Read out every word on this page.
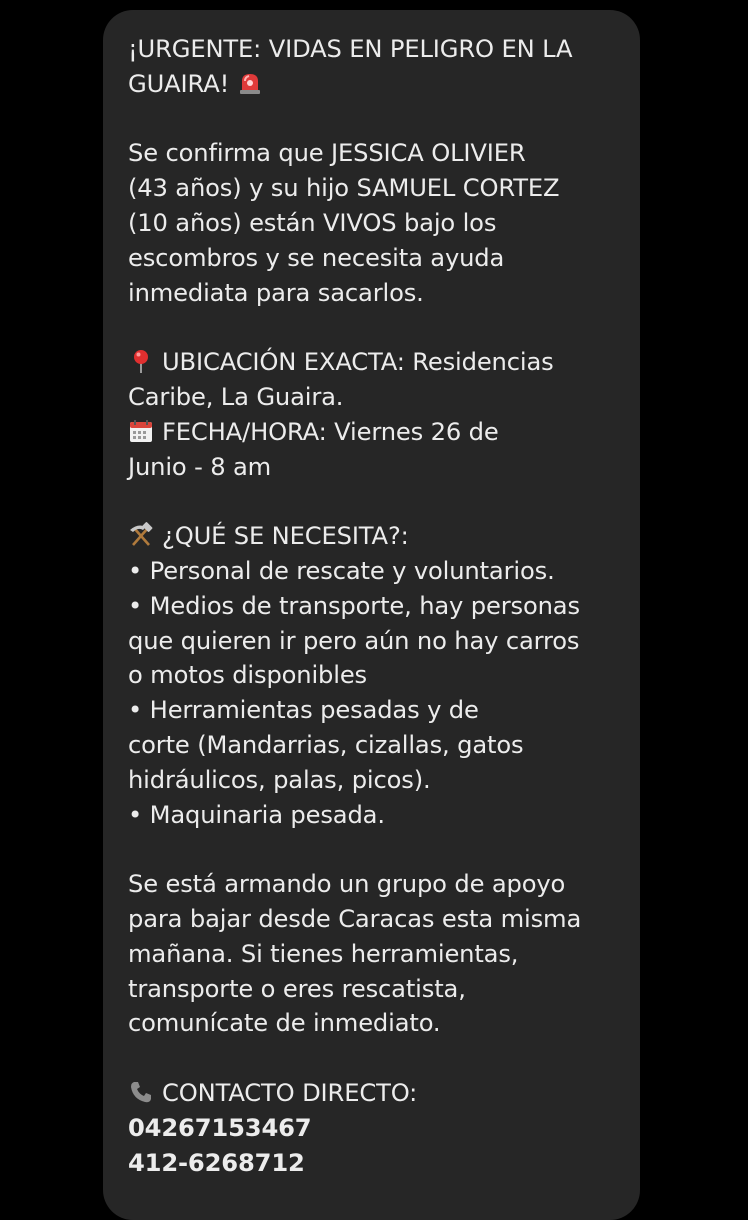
¡URGENTE: VIDAS EN PELIGRO EN LA
GUAIRA!
Se confirma que JESSICA OLIVIER
(43 años) y su hijo SAMUEL CORTEZ
(10 años) están VIVOS bajo los
escombros y se necesita ayuda
inmediata para sacarlos.
UBICACIÓN EXACTA: Residencias
Caribe, La Guaira.
FECHA/HORA: Viernes 26 de
Junio - 8 am
¿QUÉ SE NECESITA?:
• Personal de rescate y voluntarios.
• Medios de transporte, hay personas
que quieren ir pero aún no hay carros
o motos disponibles
• Herramientas pesadas y de
corte (Mandarrias, cizallas, gatos
hidráulicos, palas, picos).
• Maquinaria pesada.
Se está armando un grupo de apoyo
para bajar desde Caracas esta misma
mañana. Si tienes herramientas,
transporte o eres rescatista,
comunícate de inmediato.
CONTACTO DIRECTO:
04267153467
412-6268712
